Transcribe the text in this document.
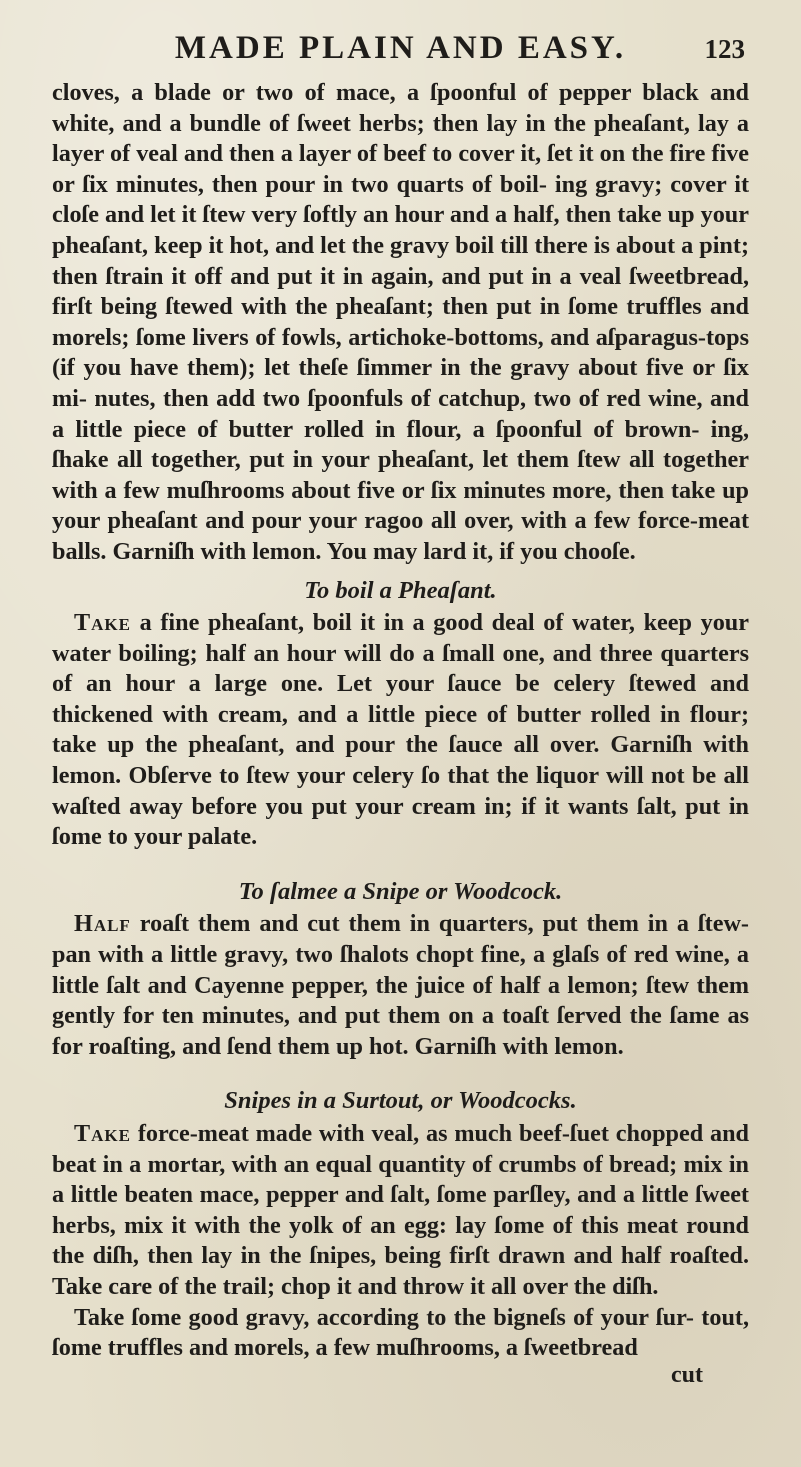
MADE PLAIN AND EASY.	123

cloves, a blade or two of mace, a ſpoonful of pepper black and white, and a bundle of ſweet herbs; then lay in the pheaſant, lay a layer of veal and then a layer of beef to cover it, ſet it on the fire five or ſix minutes, then pour in two quarts of boil- ing gravy; cover it cloſe and let it ſtew very ſoftly an hour and a half, then take up your pheaſant, keep it hot, and let the gravy boil till there is about a pint; then ſtrain it off and put it in again, and put in a veal ſweetbread, firſt being ſtewed with the pheaſant; then put in ſome truffles and morels; ſome livers of fowls, artichoke-bottoms, and aſparagus-tops (if you have them); let theſe ſimmer in the gravy about five or ſix mi- nutes, then add two ſpoonfuls of catchup, two of red wine, and a little piece of butter rolled in flour, a ſpoonful of brown- ing, ſhake all together, put in your pheaſant, let them ſtew all together with a few muſhrooms about five or ſix minutes more, then take up your pheaſant and pour your ragoo all over, with a few force-meat balls. Garniſh with lemon. You may lard it, if you chooſe.

To boil a Pheaſant.

Take a fine pheaſant, boil it in a good deal of water, keep your water boiling; half an hour will do a ſmall one, and three quarters of an hour a large one. Let your ſauce be celery ſtewed and thickened with cream, and a little piece of butter rolled in flour; take up the pheaſant, and pour the ſauce all over. Garniſh with lemon. Obſerve to ſtew your celery ſo that the liquor will not be all waſted away before you put your cream in; if it wants ſalt, put in ſome to your palate.

To ſalmee a Snipe or Woodcock.

Half roaſt them and cut them in quarters, put them in a ſtew-pan with a little gravy, two ſhalots chopt fine, a glaſs of red wine, a little ſalt and Cayenne pepper, the juice of half a lemon; ſtew them gently for ten minutes, and put them on a toaſt ſerved the ſame as for roaſting, and ſend them up hot. Garniſh with lemon.

Snipes in a Surtout, or Woodcocks.

Take force-meat made with veal, as much beef-ſuet chopped and beat in a mortar, with an equal quantity of crumbs of bread; mix in a little beaten mace, pepper and ſalt, ſome parſley, and a little ſweet herbs, mix it with the yolk of an egg: lay ſome of this meat round the diſh, then lay in the ſnipes, being firſt drawn and half roaſted. Take care of the trail; chop it and throw it all over the diſh.

Take ſome good gravy, according to the bigneſs of your ſur- tout, ſome truffles and morels, a few muſhrooms, a ſweetbread

cut
